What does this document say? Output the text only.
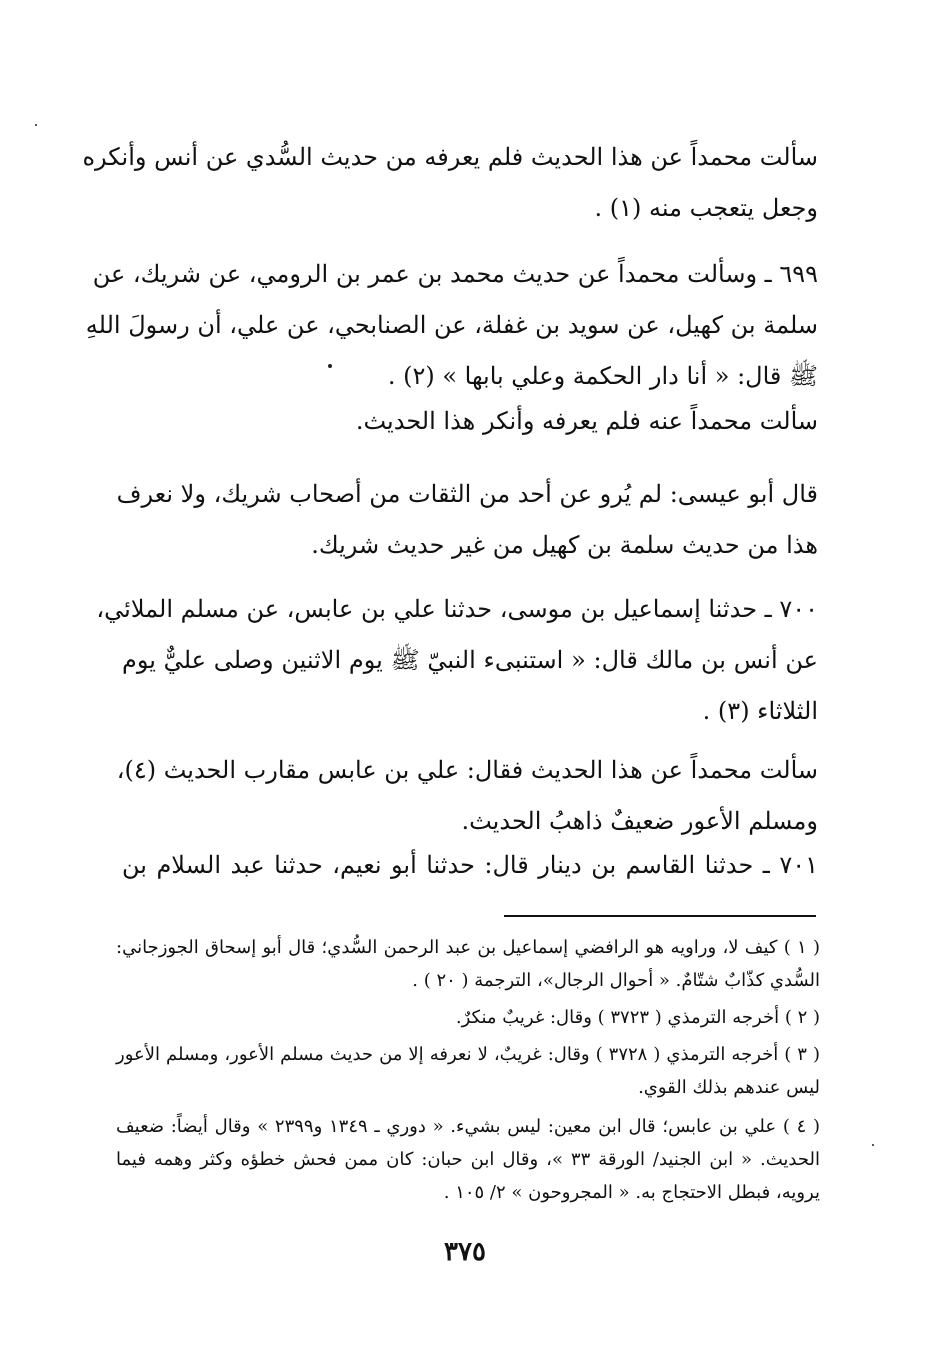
سألت محمداً عن هذا الحديث فلم يعرفه من حديث السُّدي عن أنس وأنكره
وجعل يتعجب منه (١) .
٦٩٩ ـ وسألت محمداً عن حديث محمد بن عمر بن الرومي، عن شريك، عن
سلمة بن كهيل، عن سويد بن غفلة، عن الصنابحي، عن علي، أن رسولَ اللهِ
ﷺ قال: « أنا دار الحكمة وعلي بابها » (٢) .
سألت محمداً عنه فلم يعرفه وأنكر هذا الحديث.
قال أبو عيسى: لم يُرو عن أحد من الثقات من أصحاب شريك، ولا نعرف
هذا من حديث سلمة بن كهيل من غير حديث شريك.
٧٠٠ ـ حدثنا إسماعيل بن موسى، حدثنا علي بن عابس، عن مسلم الملائي،
عن أنس بن مالك قال: « استنبىء النبيّ ﷺ يوم الاثنين وصلى عليٌّ يوم
الثلاثاء (٣) .
سألت محمداً عن هذا الحديث فقال: علي بن عابس مقارب الحديث (٤)،
ومسلم الأعور ضعيفٌ ذاهبُ الحديث.
٧٠١ ـ حدثنا القاسم بن دينار قال: حدثنا أبو نعيم، حدثنا عبد السلام بن
( ١ ) كيف لا، وراويه هو الرافضي إسماعيل بن عبد الرحمن السُّدي؛ قال أبو إسحاق الجوزجاني:
السُّدي كذّابٌ شتّامٌ. « أحوال الرجال»، الترجمة ( ٢٠ ) .
( ٢ ) أخرجه الترمذي ( ٣٧٢٣ ) وقال: غريبٌ منكرٌ.
( ٣ ) أخرجه الترمذي ( ٣٧٢٨ ) وقال: غريبٌ، لا نعرفه إلا من حديث مسلم الأعور، ومسلم الأعور
ليس عندهم بذلك القوي.
( ٤ ) علي بن عابس؛ قال ابن معين: ليس بشيء. « دوري ـ ١٣٤٩ و٢٣٩٩ » وقال أيضاً: ضعيف
الحديث. « ابن الجنيد/ الورقة ٣٣ »، وقال ابن حبان: كان ممن فحش خطؤه وكثر وهمه فيما
يرويه، فبطل الاحتجاج به. « المجروحون » ٢/ ١٠٥ .
٣٧٥
